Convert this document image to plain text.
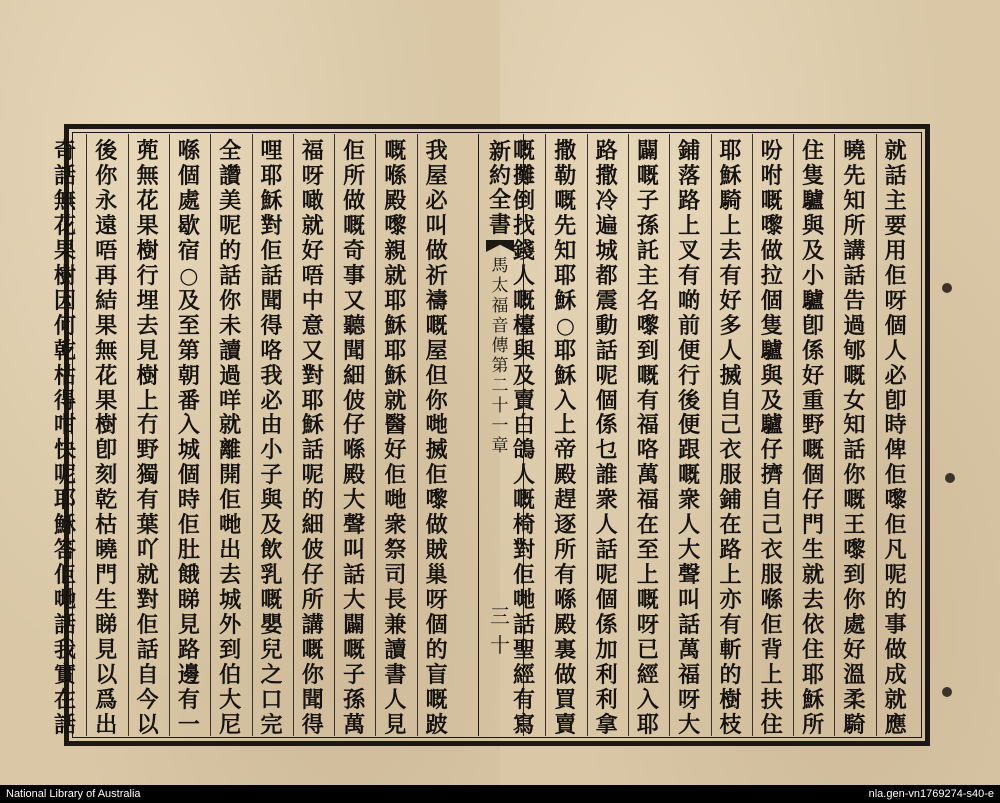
新
約
全
書
馬
太
福
音
傳
第
二
十
一
章
三十
就
話
主
要
用
佢
呀
個
人
必
卽
時
俾
佢
嚟
佢
凡
呢
的
事
做
成
就
應
曉
先
知
所
講
話
告
過
郇
嘅
女
知
話
你
嘅
王
嚟
到
你
處
好
溫
柔
騎
住
隻
驢
與
及
小
驢
卽
係
好
重
野
嘅
個
仔
門
生
就
去
依
住
耶
穌
所
吩
咐
嘅
嚟
做
拉
個
隻
驢
與
及
驢
仔
擠
自
己
衣
服
喺
佢
背
上
扶
住
耶
穌
騎
上
去
有
好
多
人
搣
自
己
衣
服
鋪
在
路
上
亦
有
斬
的
樹
枝
鋪
落
路
上
叉
有
啲
前
便
行
後
便
跟
嘅
衆
人
大
聲
叫
話
萬
福
呀
大
闢
嘅
子
孫
託
主
名
嚟
到
嘅
有
福
咯
萬
福
在
至
上
嘅
呀
已
經
入
耶
路
撒
冷
遍
城
都
震
動
話
呢
個
係
乜
誰
衆
人
話
呢
個
係
加
利
利
拿
撒
勒
嘅
先
知
耶
穌
○
耶
穌
入
上
帝
殿
趕
逐
所
有
喺
殿
裏
做
買
賣
嘅
攤
倒
找
錢
人
嘅
檯
與
及
賣
白
鴿
人
嘅
椅
對
佢
哋
話
聖
經
有
寫
我
屋
必
叫
做
祈
禱
嘅
屋
但
你
哋
搣
佢
嚟
做
賊
巢
呀
個
的
盲
嘅
跛
嘅
喺
殿
嚟
親
就
耶
穌
耶
穌
就
醫
好
佢
哋
衆
祭
司
長
兼
讀
書
人
見
佢
所
做
嘅
奇
事
又
聽
聞
細
佊
仔
喺
殿
大
聲
叫
話
大
闢
嘅
子
孫
萬
福
呀
噉
就
好
唔
中
意
又
對
耶
穌
話
呢
的
細
佊
仔
所
講
嘅
你
聞
得
哩
耶
穌
對
佢
話
聞
得
咯
我
必
由
小
子
與
及
飲
乳
嘅
嬰
兒
之
口
完
全
讚
美
呢
的
話
你
未
讀
過
咩
就
離
開
佢
哋
出
去
城
外
到
伯
大
尼
喺
個
處
歇
宿
○
及
至
第
朝
番
入
城
個
時
佢
肚
餓
睇
見
路
邊
有
一
蔸
無
花
果
樹
行
埋
去
見
樹
上
冇
野
獨
有
葉
吖
就
對
佢
話
自
今
以
後
你
永
遠
唔
再
結
果
無
花
果
樹
卽
刻
乾
枯
曉
門
生
睇
見
以
爲
出
奇
話
無
花
果
樹
因
何
乾
枯
得
咁
快
呢
耶
穌
答
佢
哋
話
我
實
在
話
National Library of Australia	nla.gen-vn1769274-s40-e
